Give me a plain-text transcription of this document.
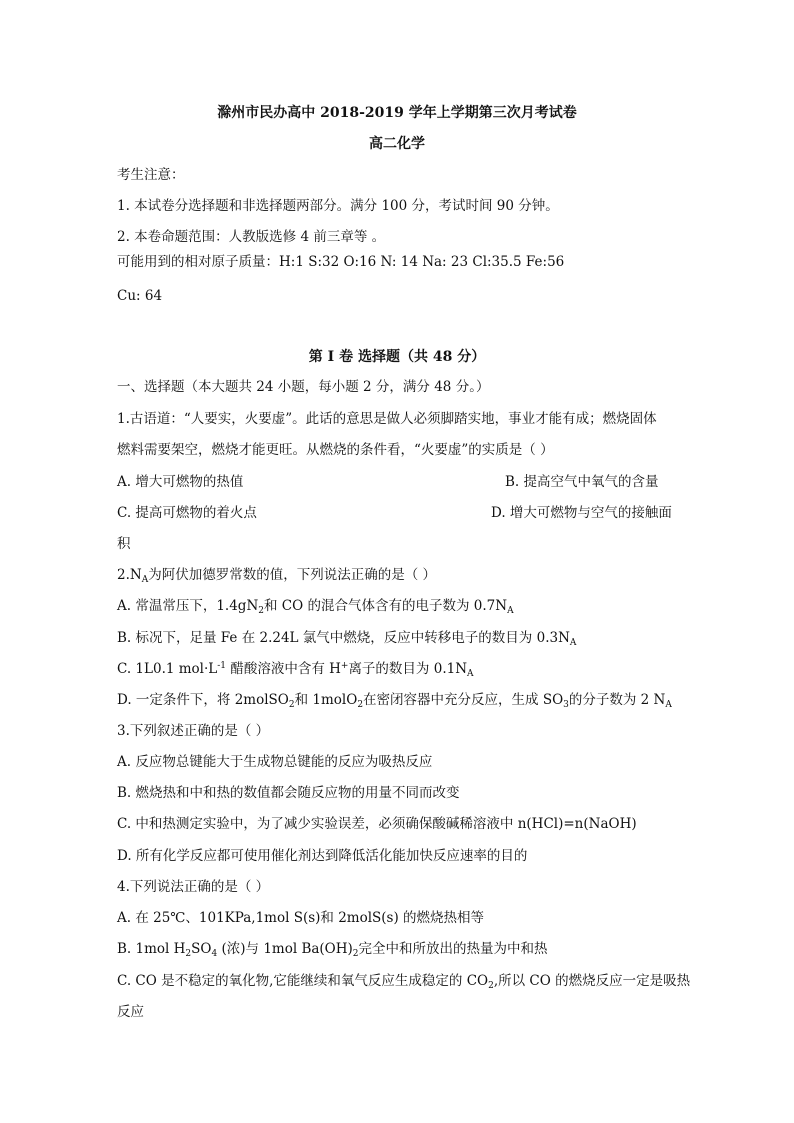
滁州市民办高中 2018-2019 学年上学期第三次月考试卷
高二化学
考生注意：
1. 本试卷分选择题和非选择题两部分。满分 100 分，考试时间 90 分钟。
2. 本卷命题范围：人教版选修 4 前三章等 。
可能用到的相对原子质量：H:1 S:32 O:16 N: 14 Na: 23 Cl:35.5 Fe:56
Cu: 64
第 I 卷 选择题（共 48 分）
一、选择题（本大题共 24 小题，每小题 2 分，满分 48 分。）
1.古语道：“人要实，火要虚”。此话的意思是做人必须脚踏实地，事业才能有成；燃烧固体
燃料需要架空，燃烧才能更旺。从燃烧的条件看，“火要虚”的实质是（ ）
A. 增大可燃物的热值	B. 提高空气中氧气的含量
C. 提高可燃物的着火点	D. 增大可燃物与空气的接触面
积
$2.N_A$为阿伏加德罗常数的值，下列说法正确的是（ ）
A. 常温常压下，$1.4gN_2$和 CO 的混合气体含有的电子数为 $0.7N_A$
B. 标况下，足量 Fe 在 2.24L 氯气中燃烧，反应中转移电子的数目为 $0.3N_A$
C. 1L0.1 $mol\cdot L^{-1}$ 醋酸溶液中含有 H+离子的数目为 $0.1N_A$
D. 一定条件下，将 2molSO$_2$和 1molO$_2$在密闭容器中充分反应，生成 $SO_3$的分子数为 2 $N_A$
3.下列叙述正确的是（ ）
A. 反应物总键能大于生成物总键能的反应为吸热反应
B. 燃烧热和中和热的数值都会随反应物的用量不同而改变
C. 中和热测定实验中，为了减少实验误差，必须确保酸碱稀溶液中 n(HCl)=n(NaOH)
D. 所有化学反应都可使用催化剂达到降低活化能加快反应速率的目的
4.下列说法正确的是（ ）
A. 在 25℃、101KPa,1mol S(s)和 2molS(s) 的燃烧热相等
B. 1mol $H_2SO_4$ (浓)与 1mol $Ba(OH)_2$完全中和所放出的热量为中和热
C. CO 是不稳定的氧化物,它能继续和氧气反应生成稳定的 $CO_2$,所以 CO 的燃烧反应一定是吸热
反应
